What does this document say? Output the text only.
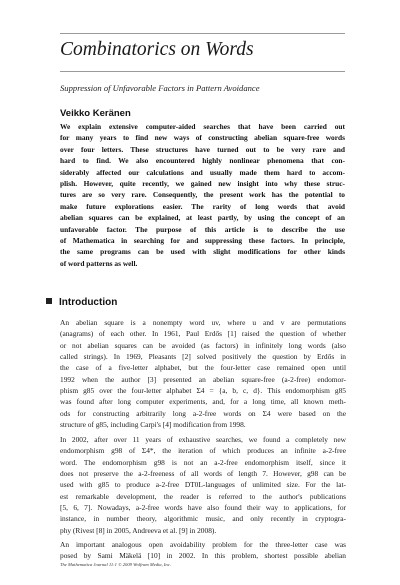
Combinatorics on Words
Suppression of Unfavorable Factors in Pattern Avoidance
Veikko Keränen
We explain extensive computer-aided searches that have been carried out
for many years to find new ways of constructing abelian square-free words
over four letters. These structures have turned out to be very rare and
hard to find. We also encountered highly nonlinear phenomena that con-
siderably affected our calculations and usually made them hard to accom-
plish. However, quite recently, we gained new insight into why these struc-
tures are so very rare. Consequently, the present work has the potential to
make future explorations easier. The rarity of long words that avoid
abelian squares can be explained, at least partly, by using the concept of an
unfavorable factor. The purpose of this article is to describe the use
of Mathematica in searching for and suppressing these factors. In principle,
the same programs can be used with slight modifications for other kinds
of word patterns as well.
Introduction
An abelian square is a nonempty word uv, where u and v are permutations
(anagrams) of each other. In 1961, Paul Erdős [1] raised the question of whether
or not abelian squares can be avoided (as factors) in infinitely long words (also
called strings). In 1969, Pleasants [2] solved positively the question by Erdős in
the case of a five-letter alphabet, but the four-letter case remained open until
1992 when the author [3] presented an abelian square-free (a-2-free) endomor-
phism g85 over the four-letter alphabet Σ4 = {a, b, c, d}. This endomorphism g85
was found after long computer experiments, and, for a long time, all known meth-
ods for constructing arbitrarily long a-2-free words on Σ4 were based on the
structure of g85, including Carpi's [4] modification from 1998.
In 2002, after over 11 years of exhaustive searches, we found a completely new
endomorphism g98 of Σ4*, the iteration of which produces an infinite a-2-free
word. The endomorphism g98 is not an a-2-free endomorphism itself, since it
does not preserve the a-2-freeness of all words of length 7. However, g98 can be
used with g85 to produce a-2-free DT0L-languages of unlimited size. For the lat-
est remarkable development, the reader is referred to the author's publications
[5, 6, 7]. Nowadays, a-2-free words have also found their way to applications, for
instance, in number theory, algorithmic music, and only recently in cryptogra-
phy (Rivest [8] in 2005, Andreeva et al. [9] in 2008).
An important analogous open avoidability problem for the three-letter case was
posed by Sami Mäkelä [10] in 2002. In this problem, shortest possible abelian
The Mathematica Journal 11:1 © 2009 Wolfram Media, Inc.
